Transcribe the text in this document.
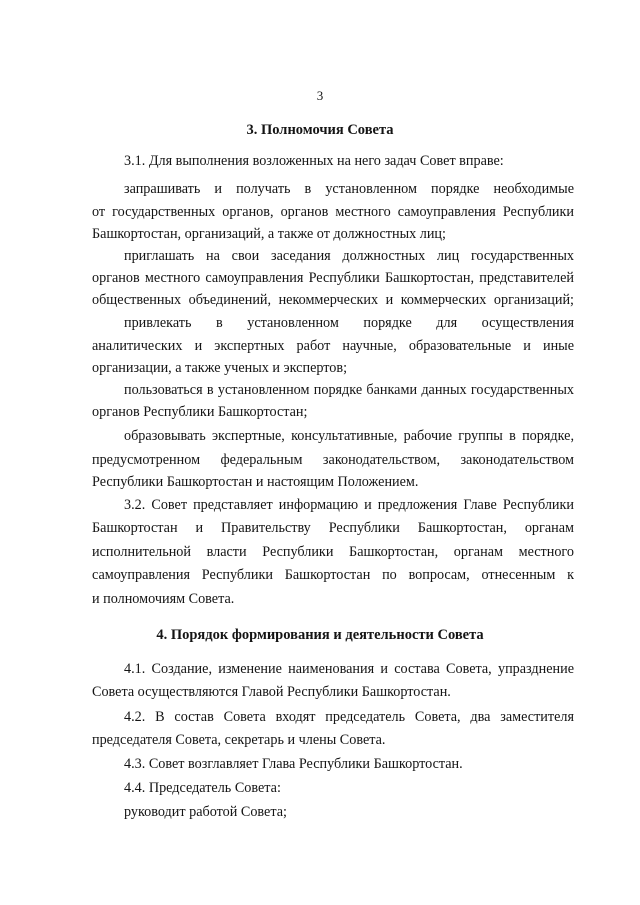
3
3. Полномочия Совета
3.1. Для выполнения возложенных на него задач Совет вправе:
запрашивать и получать в установленном порядке необходимые
от государственных органов, органов местного самоуправления Республики
Башкортостан, организаций, а также от должностных лиц;
приглашать на свои заседания должностных лиц государственных
органов местного самоуправления Республики Башкортостан, представителей
общественных объединений, некоммерческих и коммерческих организаций;
привлекать в установленном порядке для осуществления
аналитических и экспертных работ научные, образовательные и иные
организации, а также ученых и экспертов;
пользоваться в установленном порядке банками данных государственных
органов Республики Башкортостан;
образовывать экспертные, консультативные, рабочие группы в порядке,
предусмотренном федеральным законодательством, законодательством
Республики Башкортостан и настоящим Положением.
3.2. Совет представляет информацию и предложения Главе Республики
Башкортостан и Правительству Республики Башкортостан, органам
исполнительной власти Республики Башкортостан, органам местного
самоуправления Республики Башкортостан по вопросам, отнесенным к
и полномочиям Совета.
4. Порядок формирования и деятельности Совета
4.1. Создание, изменение наименования и состава Совета, упразднение
Совета осуществляются Главой Республики Башкортостан.
4.2. В состав Совета входят председатель Совета, два заместителя
председателя Совета, секретарь и члены Совета.
4.3. Совет возглавляет Глава Республики Башкортостан.
4.4. Председатель Совета:
руководит работой Совета;
